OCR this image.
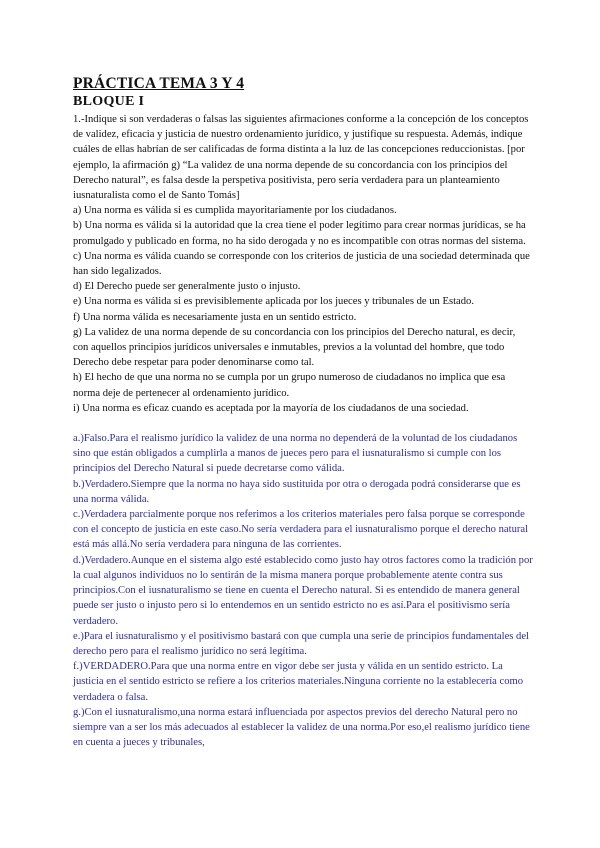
PRÁCTICA TEMA 3 Y 4
BLOQUE I

1.-Indique si son verdaderas o falsas las siguientes afirmaciones conforme a la concepción de los conceptos de validez, eficacia y justicia de nuestro ordenamiento jurídico, y justifique su respuesta. Además, indique cuáles de ellas habrían de ser calificadas de forma distinta a la luz de las concepciones reduccionistas. [por ejemplo, la afirmación g) “La validez de una norma depende de su concordancia con los principios del Derecho natural”, es falsa desde la perspetiva positivista, pero sería verdadera para un planteamiento iusnaturalista como el de Santo Tomás]

a) Una norma es válida si es cumplida mayoritariamente por los ciudadanos.

b) Una norma es válida si la autoridad que la crea tiene el poder legítimo para crear normas jurídicas, se ha promulgado y publicado en forma, no ha sido derogada y no es incompatible con otras normas del sistema.

c) Una norma es válida cuando se corresponde con los criterios de justicia de una sociedad determinada que han sido legalizados.

d) El Derecho puede ser generalmente justo o injusto.

e) Una norma es válida si es previsiblemente aplicada por los jueces y tribunales de un Estado.

f) Una norma válida es necesariamente justa en un sentido estricto.

g) La validez de una norma depende de su concordancia con los principios del Derecho natural, es decir, con aquellos principios jurídicos universales e inmutables, previos a la voluntad del hombre, que todo Derecho debe respetar para poder denominarse como tal.

h) El hecho de que una norma no se cumpla por un grupo numeroso de ciudadanos no implica que esa norma deje de pertenecer al ordenamiento jurídico.

i) Una norma es eficaz cuando es aceptada por la mayoría de los ciudadanos de una sociedad.

a.)Falso.Para el realismo jurídico la validez de una norma no dependerá de la voluntad de los ciudadanos sino que están obligados a cumplirla a manos de jueces pero para el iusnaturalismo si cumple con los principios del Derecho Natural si puede decretarse como válida.

b.)Verdadero.Siempre que la norma no haya sido sustituida por otra o derogada podrá considerarse que es una norma válida.

c.)Verdadera parcialmente porque nos referimos a los criterios materiales pero falsa porque se corresponde con el concepto de justicia en este caso.No sería verdadera para el iusnaturalismo porque el derecho natural está más allá.No sería verdadera para ninguna de las corrientes.

d.)Verdadero.Aunque en el sistema algo esté establecido como justo hay otros factores como la tradición por la cual algunos individuos no lo sentirán de la misma manera porque probablemente atente contra sus principios.Con el iusnaturalismo se tiene en cuenta el Derecho natural. Si es entendido de manera general puede ser justo o injusto pero si lo entendemos en un sentido estricto no es así.Para el positivismo sería verdadero.

e.)Para el iusnaturalismo y el positivismo bastará con que cumpla una serie de principios fundamentales del derecho pero para el realismo jurídico no será legítima.

f.)VERDADERO.Para que una norma entre en vigor debe ser justa y válida en un sentido estricto. La justicia en el sentido estricto se refiere a los criterios materiales.Ninguna corriente no la establecería como verdadera o falsa.

g.)Con el iusnaturalismo,una norma estará influenciada por aspectos previos del derecho Natural pero no siempre van a ser los más adecuados al establecer la validez de una norma.Por eso,el realismo jurídico tiene en cuenta a jueces y tribunales,
